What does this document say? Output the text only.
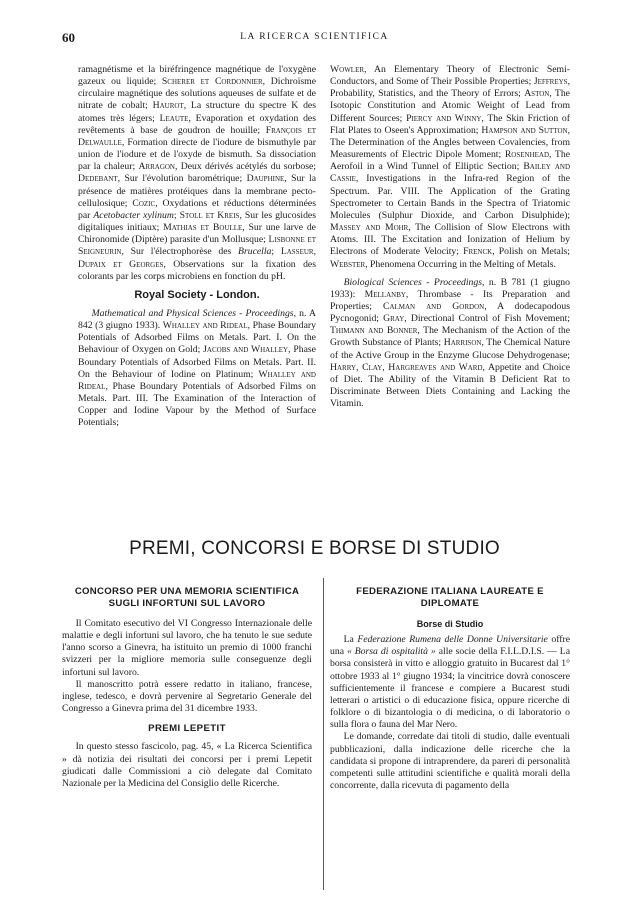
60	LA RICERCA SCIENTIFICA

ramagnétisme et la biréfringence magnétique de l'oxygène gazeux ou liquide; Scherer et Cordonnier, Dichroïsme circulaire magnétique des solutions aqueuses de sulfate et de nitrate de cobalt; Haurot, La structure du spectre K des atomes très légers; Leaute, Evaporation et oxydation des revêtements à base de goudron de houille; François et Delwaulle, Formation directe de l'iodure de bismuthyle par union de l'iodure et de l'oxyde de bismuth. Sa dissociation par la chaleur; Arragon, Deux dérivés acétylés du sorbose; Dedebant, Sur l'évolution barométrique; Dauphine, Sur la présence de matières protéiques dans la membrane pecto-cellulosique; Cozic, Oxydations et réductions déterminées par Acetobacter xylinum; Stoll et Kreis, Sur les glucosides digitaliques initiaux; Mathias et Boulle, Sur une larve de Chironomide (Diptère) parasite d'un Mollusque; Lisbonne et Seigneurin, Sur l'électrophorèse des Brucella; Lasseur, Dupaix et Georges, Observations sur la fixation des colorants par les corps microbiens en fonction du pH.

Royal Society - London.

Mathematical and Physical Sciences - Proceedings, n. A 842 (3 giugno 1933). Whalley and Rideal, Phase Boundary Potentials of Adsorbed Films on Metals. Part. I. On the Behaviour of Oxygen on Gold; Jacobs and Whalley, Phase Boundary Potentials of Adsorbed Films on Metals. Part. II. On the Behaviour of Iodine on Platinum; Whalley and Rideal, Phase Boundary Potentials of Adsorbed Films on Metals. Part. III. The Examination of the Interaction of Copper and Iodine Vapour by the Method of Surface Potentials;

Wowler, An Elementary Theory of Electronic Semi-Conductors, and Some of Their Possible Properties; Jeffreys, Probability, Statistics, and the Theory of Errors; Aston, The Isotopic Constitution and Atomic Weight of Lead from Different Sources; Piercy and Winny, The Skin Friction of Flat Plates to Oseen's Approximation; Hampson and Sutton, The Determination of the Angles between Covalencies, from Measurements of Electric Dipole Moment; Rosenhead, The Aerofoil in a Wind Tunnel of Elliptic Section; Bailey and Cassie, Investigations in the Infra-red Region of the Spectrum. Par. VIII. The Application of the Grating Spectrometer to Certain Bands in the Spectra of Triatomic Molecules (Sulphur Dioxide, and Carbon Disulphide); Massey and Mohr, The Collision of Slow Electrons with Atoms. III. The Excitation and Ionization of Helium by Electrons of Moderate Velocity; Frenck, Polish on Metals; Webster, Phenomena Occurring in the Melting of Metals.

Biological Sciences - Proceedings, n. B 781 (1 giugno 1933): Mellanby, Thrombase - Its Preparation and Properties; Calman and Gordon, A dodecapodous Pycnogonid; Gray, Directional Control of Fish Movement; Thimann and Bonner, The Mechanism of the Action of the Growth Substance of Plants; Harrison, The Chemical Nature of the Active Group in the Enzyme Glucose Dehydrogenase; Harry, Clay, Hargreaves and Ward, Appetite and Choice of Diet. The Ability of the Vitamin B Deficient Rat to Discriminate Between Diets Containing and Lacking the Vitamin.

PREMI, CONCORSI E BORSE DI STUDIO

CONCORSO PER UNA MEMORIA SCIENTIFICA SUGLI INFORTUNI SUL LAVORO

Il Comitato esecutivo del VI Congresso Internazionale delle malattie e degli infortuni sul lavoro, che ha tenuto le sue sedute l'anno scorso a Ginevra, ha istituito un premio di 1000 franchi svizzeri per la migliore memoria sulle conseguenze degli infortuni sul lavoro.

Il manoscritto potrà essere redatto in italiano, francese, inglese, tedesco, e dovrà pervenire al Segretario Generale del Congresso a Ginevra prima del 31 dicembre 1933.

PREMI LEPETIT

In questo stesso fascicolo, pag. 45, « La Ricerca Scientifica » dà notizia dei risultati dei concorsi per i premi Lepetit giudicati dalle Commissioni a ciò delegate dal Comitato Nazionale per la Medicina del Consiglio delle Ricerche.

FEDERAZIONE ITALIANA LAUREATE E DIPLOMATE

Borse di Studio

La Federazione Rumena delle Donne Universitarie offre una « Borsa di ospitalità » alle socie della F.I.L.D.I.S. — La borsa consisterà in vitto e alloggio gratuito in Bucarest dal 1° ottobre 1933 al 1° giugno 1934; la vincitrice dovrà conoscere sufficientemente il francese e compiere a Bucarest studi letterari o artistici o di educazione fisica, oppure ricerche di folklore o di bizantologia o di medicina, o di laboratorio o sulla flora o fauna del Mar Nero.

Le domande, corredate dai titoli di studio, dalle eventuali pubblicazioni, dalla indicazione delle ricerche che la candidata si propone di intraprendere, da pareri di personalità competenti sulle attitudini scientifiche e qualità morali della concorrente, dalla ricevuta di pagamento della
